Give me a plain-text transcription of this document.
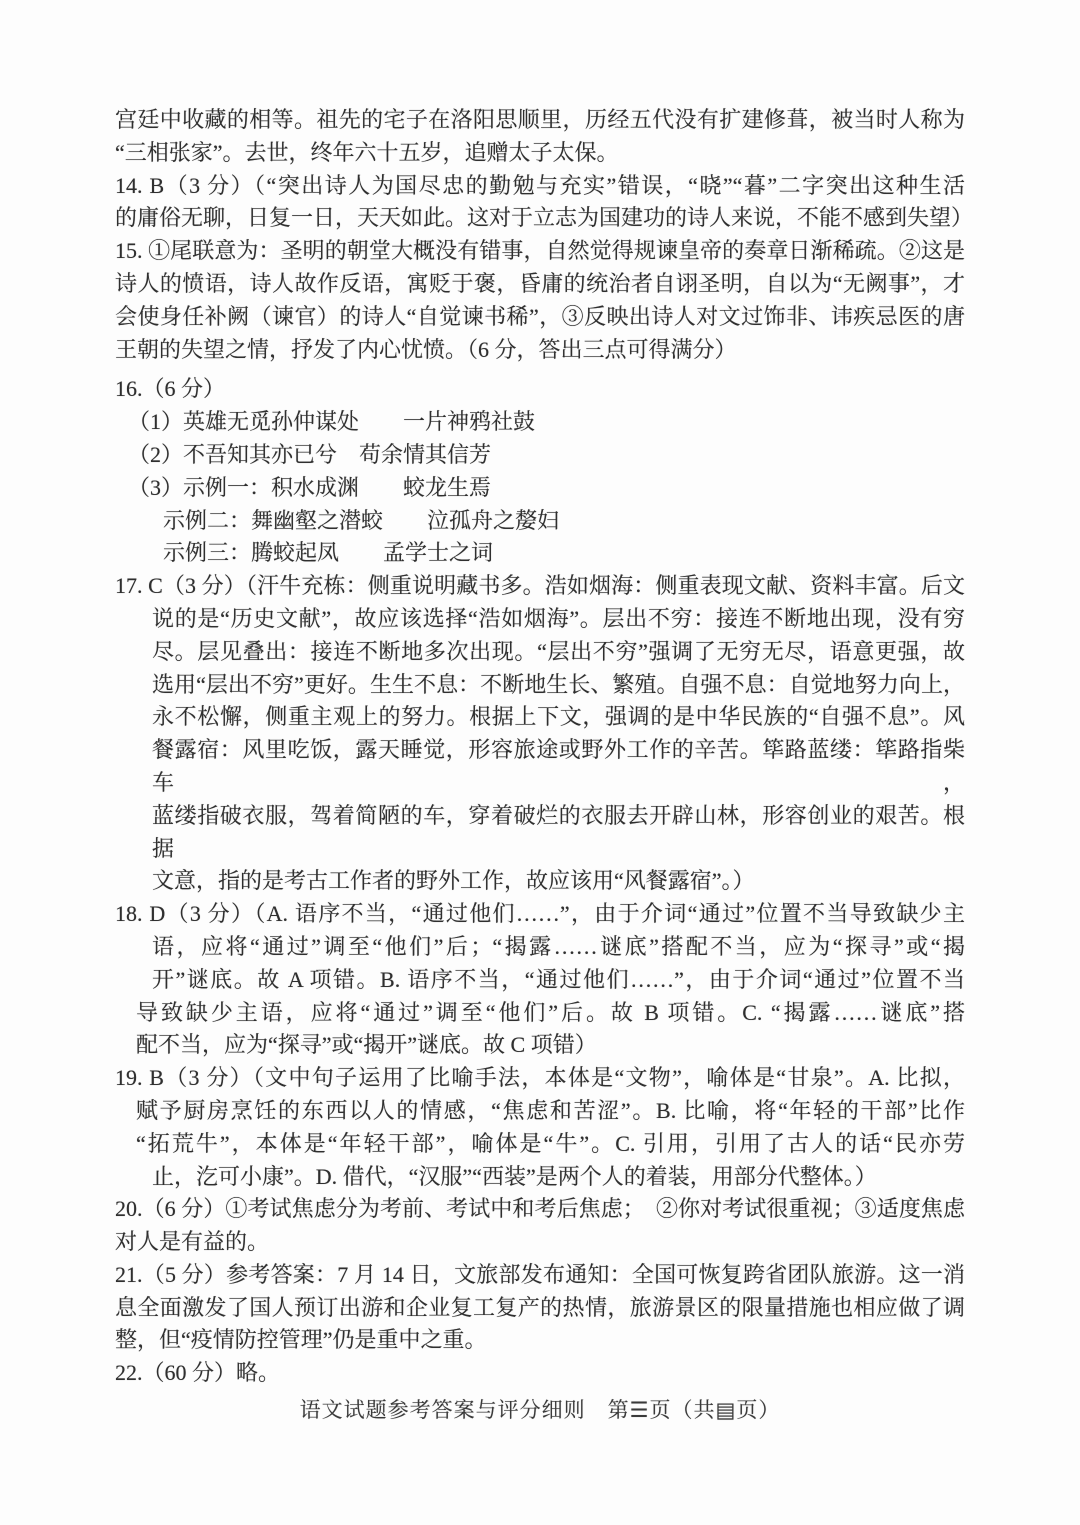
宫廷中收藏的相等。祖先的宅子在洛阳思顺里，历经五代没有扩建修葺，被当时人称为
“三相张家”。去世，终年六十五岁，追赠太子太保。
14. B（3 分）（“突出诗人为国尽忠的勤勉与充实”错误，“晓”“暮”二字突出这种生活
的庸俗无聊，日复一日，天天如此。这对于立志为国建功的诗人来说，不能不感到失望）
15. ①尾联意为：圣明的朝堂大概没有错事，自然觉得规谏皇帝的奏章日渐稀疏。②这是
诗人的愤语，诗人故作反语，寓贬于褒，昏庸的统治者自诩圣明，自以为“无阙事”，才
会使身任补阙（谏官）的诗人“自觉谏书稀”，③反映出诗人对文过饰非、讳疾忌医的唐
王朝的失望之情，抒发了内心忧愤。（6 分，答出三点可得满分）
16.（6 分）
（1）英雄无觅孙仲谋处　　一片神鸦社鼓
（2）不吾知其亦已兮　苟余情其信芳
（3）示例一：积水成渊　　蛟龙生焉
示例二：舞幽壑之潜蛟　　泣孤舟之嫠妇
示例三：腾蛟起凤　　孟学士之词
17. C（3 分）（汗牛充栋：侧重说明藏书多。浩如烟海：侧重表现文献、资料丰富。后文
说的是“历史文献”，故应该选择“浩如烟海”。层出不穷：接连不断地出现，没有穷
尽。层见叠出：接连不断地多次出现。“层出不穷”强调了无穷无尽，语意更强，故
选用“层出不穷”更好。生生不息：不断地生长、繁殖。自强不息：自觉地努力向上，
永不松懈，侧重主观上的努力。根据上下文，强调的是中华民族的“自强不息”。风
餐露宿：风里吃饭，露天睡觉，形容旅途或野外工作的辛苦。筚路蓝缕：筚路指柴车，
蓝缕指破衣服，驾着简陋的车，穿着破烂的衣服去开辟山林，形容创业的艰苦。根据
文意，指的是考古工作者的野外工作，故应该用“风餐露宿”。）
18. D（3 分）（A. 语序不当，“通过他们……”，由于介词“通过”位置不当导致缺少主
语，应将“通过”调至“他们”后；“揭露……谜底”搭配不当，应为“探寻”或“揭
开”谜底。故 A 项错。B. 语序不当，“通过他们……”，由于介词“通过”位置不当
导致缺少主语，应将“通过”调至“他们”后。故 B 项错。C. “揭露……谜底”搭
配不当，应为“探寻”或“揭开”谜底。故 C 项错）
19. B（3 分）（文中句子运用了比喻手法，本体是“文物”，喻体是“甘泉”。A. 比拟，
赋予厨房烹饪的东西以人的情感，“焦虑和苦涩”。B. 比喻，将“年轻的干部”比作
“拓荒牛”，本体是“年轻干部”，喻体是“牛”。C. 引用，引用了古人的话“民亦劳
止，汔可小康”。D. 借代，“汉服”“西装”是两个人的着装，用部分代整体。）
20.（6 分）①考试焦虑分为考前、考试中和考后焦虑；　②你对考试很重视；③适度焦虑
对人是有益的。
21.（5 分）参考答案：7 月 14 日，文旅部发布通知：全国可恢复跨省团队旅游。这一消
息全面激发了国人预订出游和企业复工复产的热情，旅游景区的限量措施也相应做了调
整，但“疫情防控管理”仍是重中之重。
22.（60 分）略。
语文试题参考答案与评分细则　第☰页（共▤页）
